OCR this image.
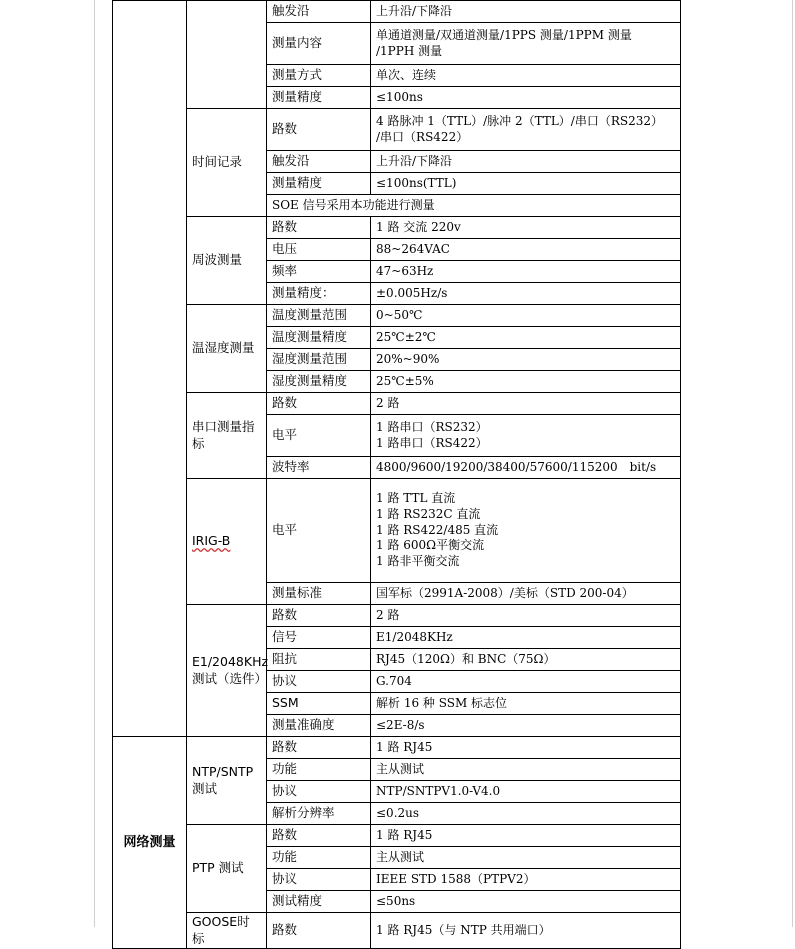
		触发沿	上升沿/下降沿

		测量内容	单通道测量/双通道测量/1PPS 测量/1PPM 测量
/1PPH 测量

		测量方式	单次、连续

		测量精度	≤100ns

	时间记录	路数	4 路脉冲 1（TTL）/脉冲 2（TTL）/串口（RS232）
/串口（RS422）

		触发沿	上升沿/下降沿

		测量精度	≤100ns(TTL)

		SOE 信号采用本功能进行测量	
	周波测量	路数	1 路 交流 220v

		电压	88~264VAC

		频率	47~63Hz

		测量精度：	±0.005Hz/s

	温湿度测量	温度测量范围	0~50℃

		温度测量精度	25℃±2℃

		湿度测量范围	20%~90%

		湿度测量精度	25℃±5%

	串口测量指标	路数	2 路

		电平	1 路串口（RS232）
1 路串口（RS422）

		波特率	4800/9600/19200/38400/57600/115200　bit/s

	IRIG-B	电平	1 路 TTL 直流
1 路 RS232C 直流
1 路 RS422/485 直流
1 路 600Ω平衡交流
1 路非平衡交流

		测量标准	国军标（2991A-2008）/美标（STD 200-04）

	E1/2048KHz 测试（选件）	路数	2 路

		信号	E1/2048KHz

		阻抗	RJ45（120Ω）和 BNC（75Ω）

		协议	G.704

		SSM	解析 16 种 SSM 标志位

		测量准确度	≤2E-8/s

网络测量	NTP/SNTP测试	路数	1 路 RJ45

		功能	主从测试

		协议	NTP/SNTPV1.0-V4.0

		解析分辨率	≤0.2us

	PTP 测试	路数	1 路 RJ45

		功能	主从测试

		协议	IEEE STD 1588（PTPV2）

		测试精度	≤50ns

	GOOSE时标	路数	1 路 RJ45（与 NTP 共用端口）
